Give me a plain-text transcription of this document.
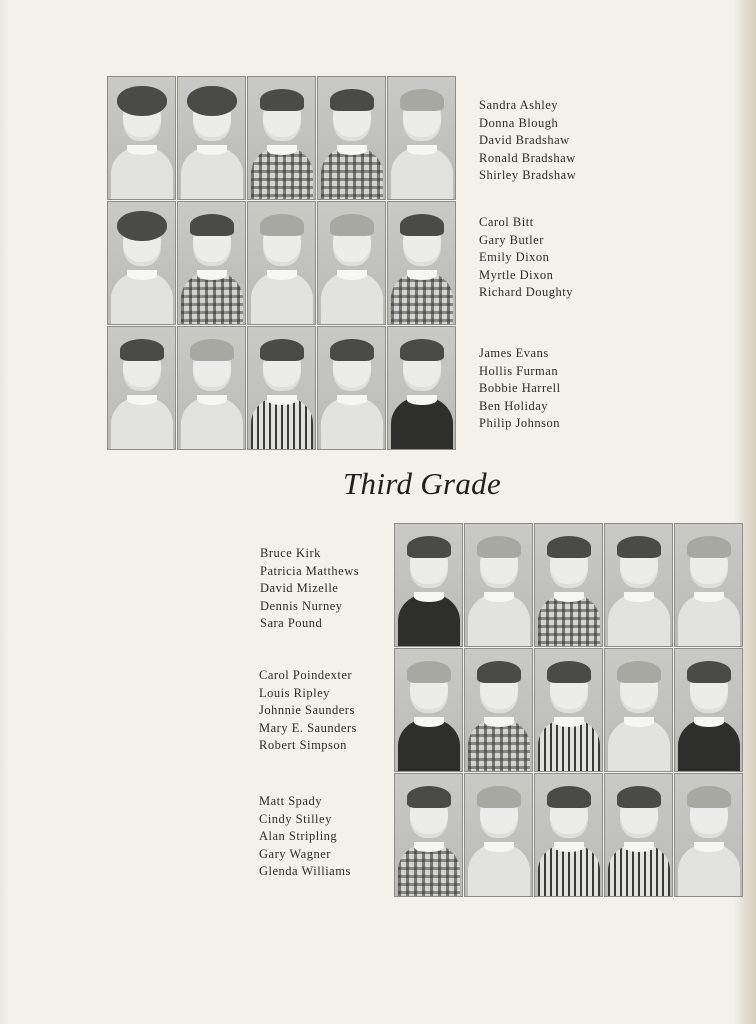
Sandra Ashley
Donna Blough
David Bradshaw
Ronald Bradshaw
Shirley Bradshaw
Carol Bitt
Gary Butler
Emily Dixon
Myrtle Dixon
Richard Doughty
James Evans
Hollis Furman
Bobbie Harrell
Ben Holiday
Philip Johnson
Third Grade
Bruce Kirk
Patricia Matthews
David Mizelle
Dennis Nurney
Sara Pound
Carol Poindexter
Louis Ripley
Johnnie Saunders
Mary E. Saunders
Robert Simpson
Matt Spady
Cindy Stilley
Alan Stripling
Gary Wagner
Glenda Williams
